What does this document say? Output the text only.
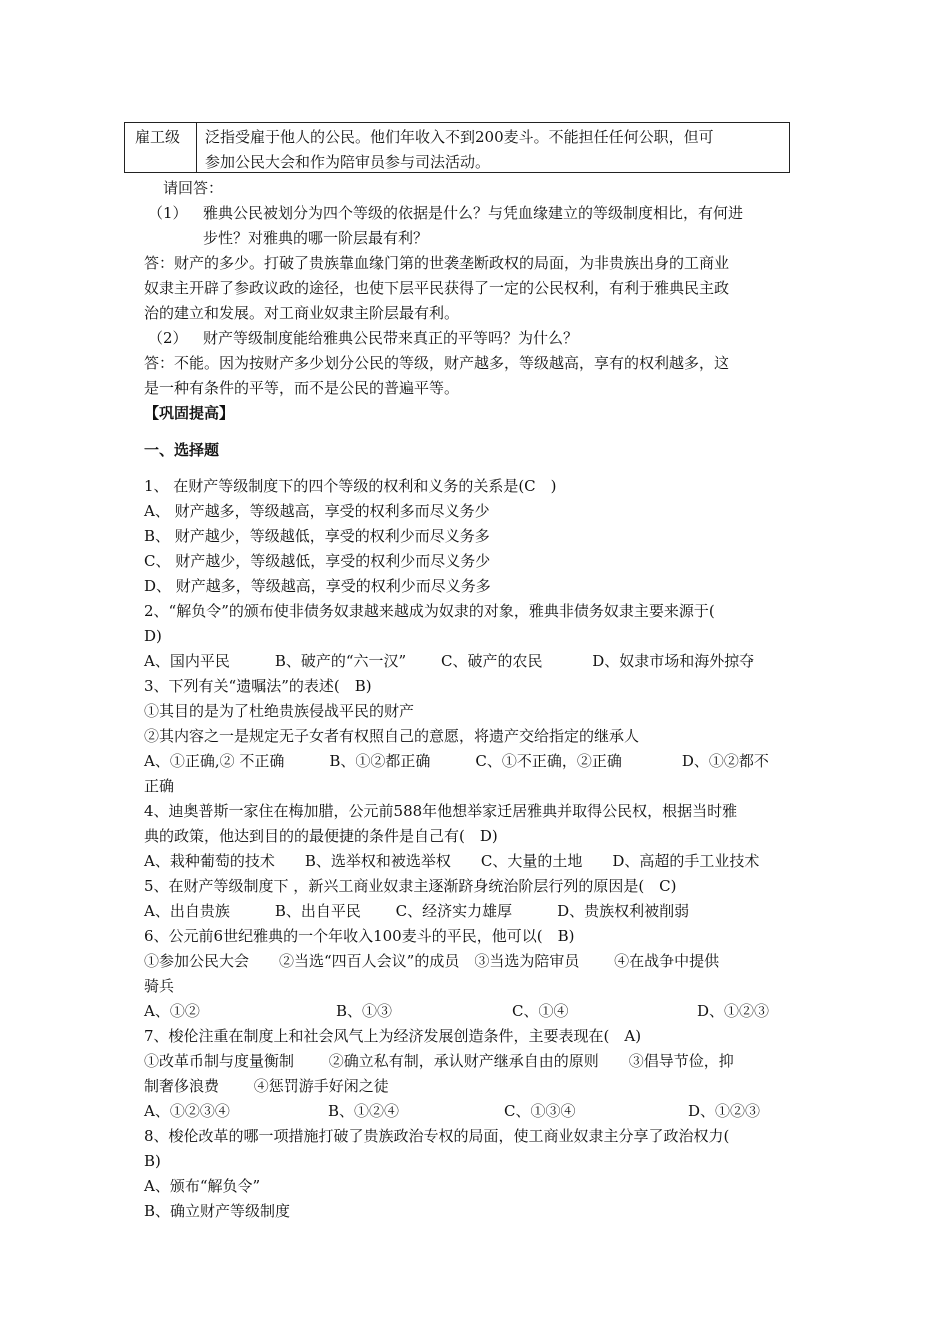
雇工级	泛指受雇于他人的公民。他们年收入不到200麦斗。不能担任任何公职，但可
参加公民大会和作为陪审员参与司法活动。
请回答：
（1） 雅典公民被划分为四个等级的依据是什么？与凭血缘建立的等级制度相比，有何进
步性？对雅典的哪一阶层最有利？
答：财产的多少。打破了贵族靠血缘门第的世袭垄断政权的局面，为非贵族出身的工商业
奴隶主开辟了参政议政的途径，也使下层平民获得了一定的公民权利，有利于雅典民主政
治的建立和发展。对工商业奴隶主阶层最有利。
（2） 财产等级制度能给雅典公民带来真正的平等吗？为什么？
答：不能。因为按财产多少划分公民的等级，财产越多，等级越高，享有的权利越多，这
是一种有条件的平等，而不是公民的普遍平等。
【巩固提高】
一、选择题
1、 在财产等级制度下的四个等级的权利和义务的关系是(C　)
A、 财产越多，等级越高，享受的权利多而尽义务少
B、 财产越少，等级越低，享受的权利少而尽义务多
C、 财产越少，等级越低，享受的权利少而尽义务少
D、 财产越多，等级越高，享受的权利少而尽义务多
2、“解负令”的颁布使非债务奴隶越来越成为奴隶的对象，雅典非债务奴隶主要来源于(
D)
A、国内平民　　　B、破产的“六一汉”　　 C、破产的农民　　　 D、奴隶市场和海外掠夺
3、下列有关“遗嘱法”的表述(　B)
①其目的是为了杜绝贵族侵战平民的财产
②其内容之一是规定无子女者有权照自己的意愿，将遗产交给指定的继承人
A、①正确,② 不正确　　　B、①②都正确　　　C、①不正确，②正确　　　　D、①②都不
正确
4、迪奥普斯一家住在梅加腊，公元前588年他想举家迁居雅典并取得公民权，根据当时雅
典的政策，他达到目的的最便捷的条件是自己有(　D)
A、栽种葡萄的技术　　B、选举权和被选举权　　C、大量的土地　　D、高超的手工业技术
5、在财产等级制度下 ，新兴工商业奴隶主逐渐跻身统治阶层行列的原因是(　C)
A、出自贵族　　　B、出自平民　　 C、经济实力雄厚　　　D、贵族权利被削弱
6、公元前6世纪雅典的一个年收入100麦斗的平民，他可以(　B)
①参加公民大会　　②当选“四百人会议”的成员　③当选为陪审员　　 ④在战争中提供
骑兵
A、①②	B、①③	C、①④	D、①②③
7、梭伦注重在制度上和社会风气上为经济发展创造条件，主要表现在(　A)
①改革币制与度量衡制　　 ②确立私有制，承认财产继承自由的原则　　③倡导节俭，抑
制奢侈浪费　　 ④惩罚游手好闲之徒
A、①②③④	B、①②④	C、①③④	D、①②③
8、梭伦改革的哪一项措施打破了贵族政治专权的局面，使工商业奴隶主分享了政治权力(
B)
A、颁布“解负令”
B、确立财产等级制度
